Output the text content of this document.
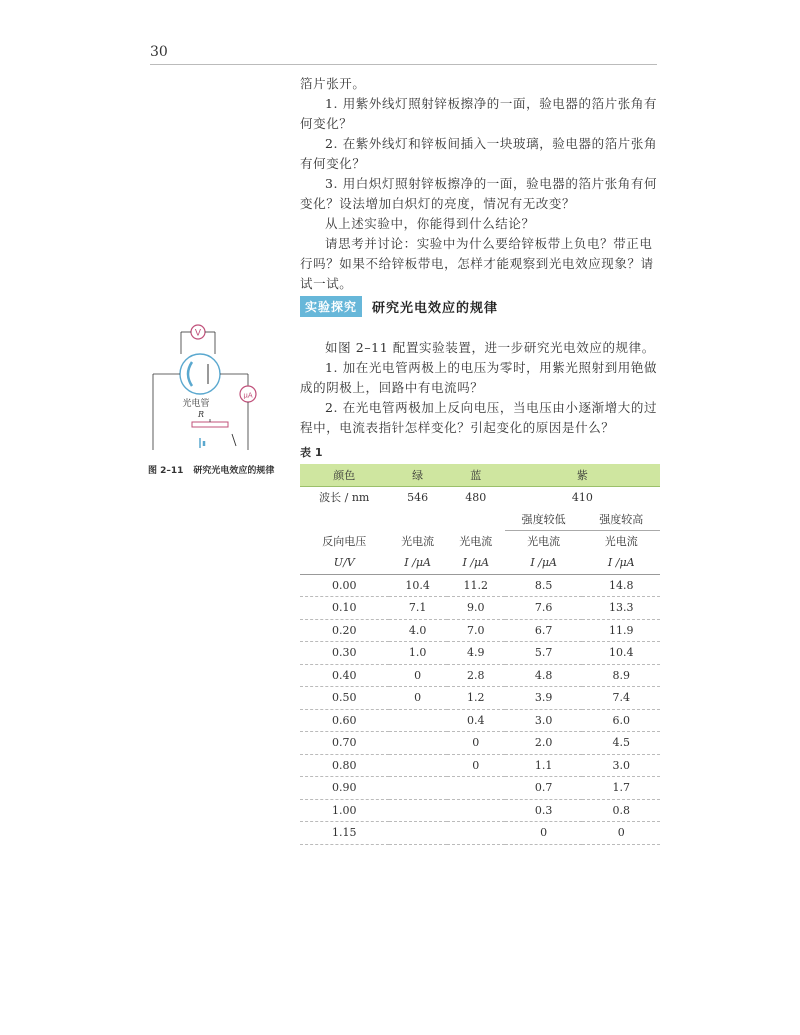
30

箔片张开。

1. 用紫外线灯照射锌板擦净的一面，验电器的箔片张角有何变化？

2. 在紫外线灯和锌板间插入一块玻璃，验电器的箔片张角有何变化？

3. 用白炽灯照射锌板擦净的一面，验电器的箔片张角有何变化？设法增加白炽灯的亮度，情况有无改变？

从上述实验中，你能得到什么结论？

请思考并讨论：实验中为什么要给锌板带上负电？带正电行吗？如果不给锌板带电，怎样才能观察到光电效应现象？请试一试。

实验探究	研究光电效应的规律

如图 2–11 配置实验装置，进一步研究光电效应的规律。

1. 加在光电管两极上的电压为零时，用紫光照射到用铯做成的阴极上，回路中有电流吗？

2. 在光电管两极加上反向电压，当电压由小逐渐增大的过程中，电流表指针怎样变化？引起变化的原因是什么？

V
光电管
μA
R
图 2–11 研究光电效应的规律
表 1
颜色	绿	蓝	紫	
波长 / nm	546	480	410	
			强度较低	强度较高
反向电压	光电流	光电流	光电流	光电流
U/V	I /μA	I /μA	I /μA	I /μA
0.00	10.4	11.2	8.5	14.8
0.10	7.1	9.0	7.6	13.3
0.20	4.0	7.0	6.7	11.9
0.30	1.0	4.9	5.7	10.4
0.40	0	2.8	4.8	8.9
0.50	0	1.2	3.9	7.4
0.60		0.4	3.0	6.0
0.70		0	2.0	4.5
0.80		0	1.1	3.0
0.90			0.7	1.7
1.00			0.3	0.8
1.15			0	0
